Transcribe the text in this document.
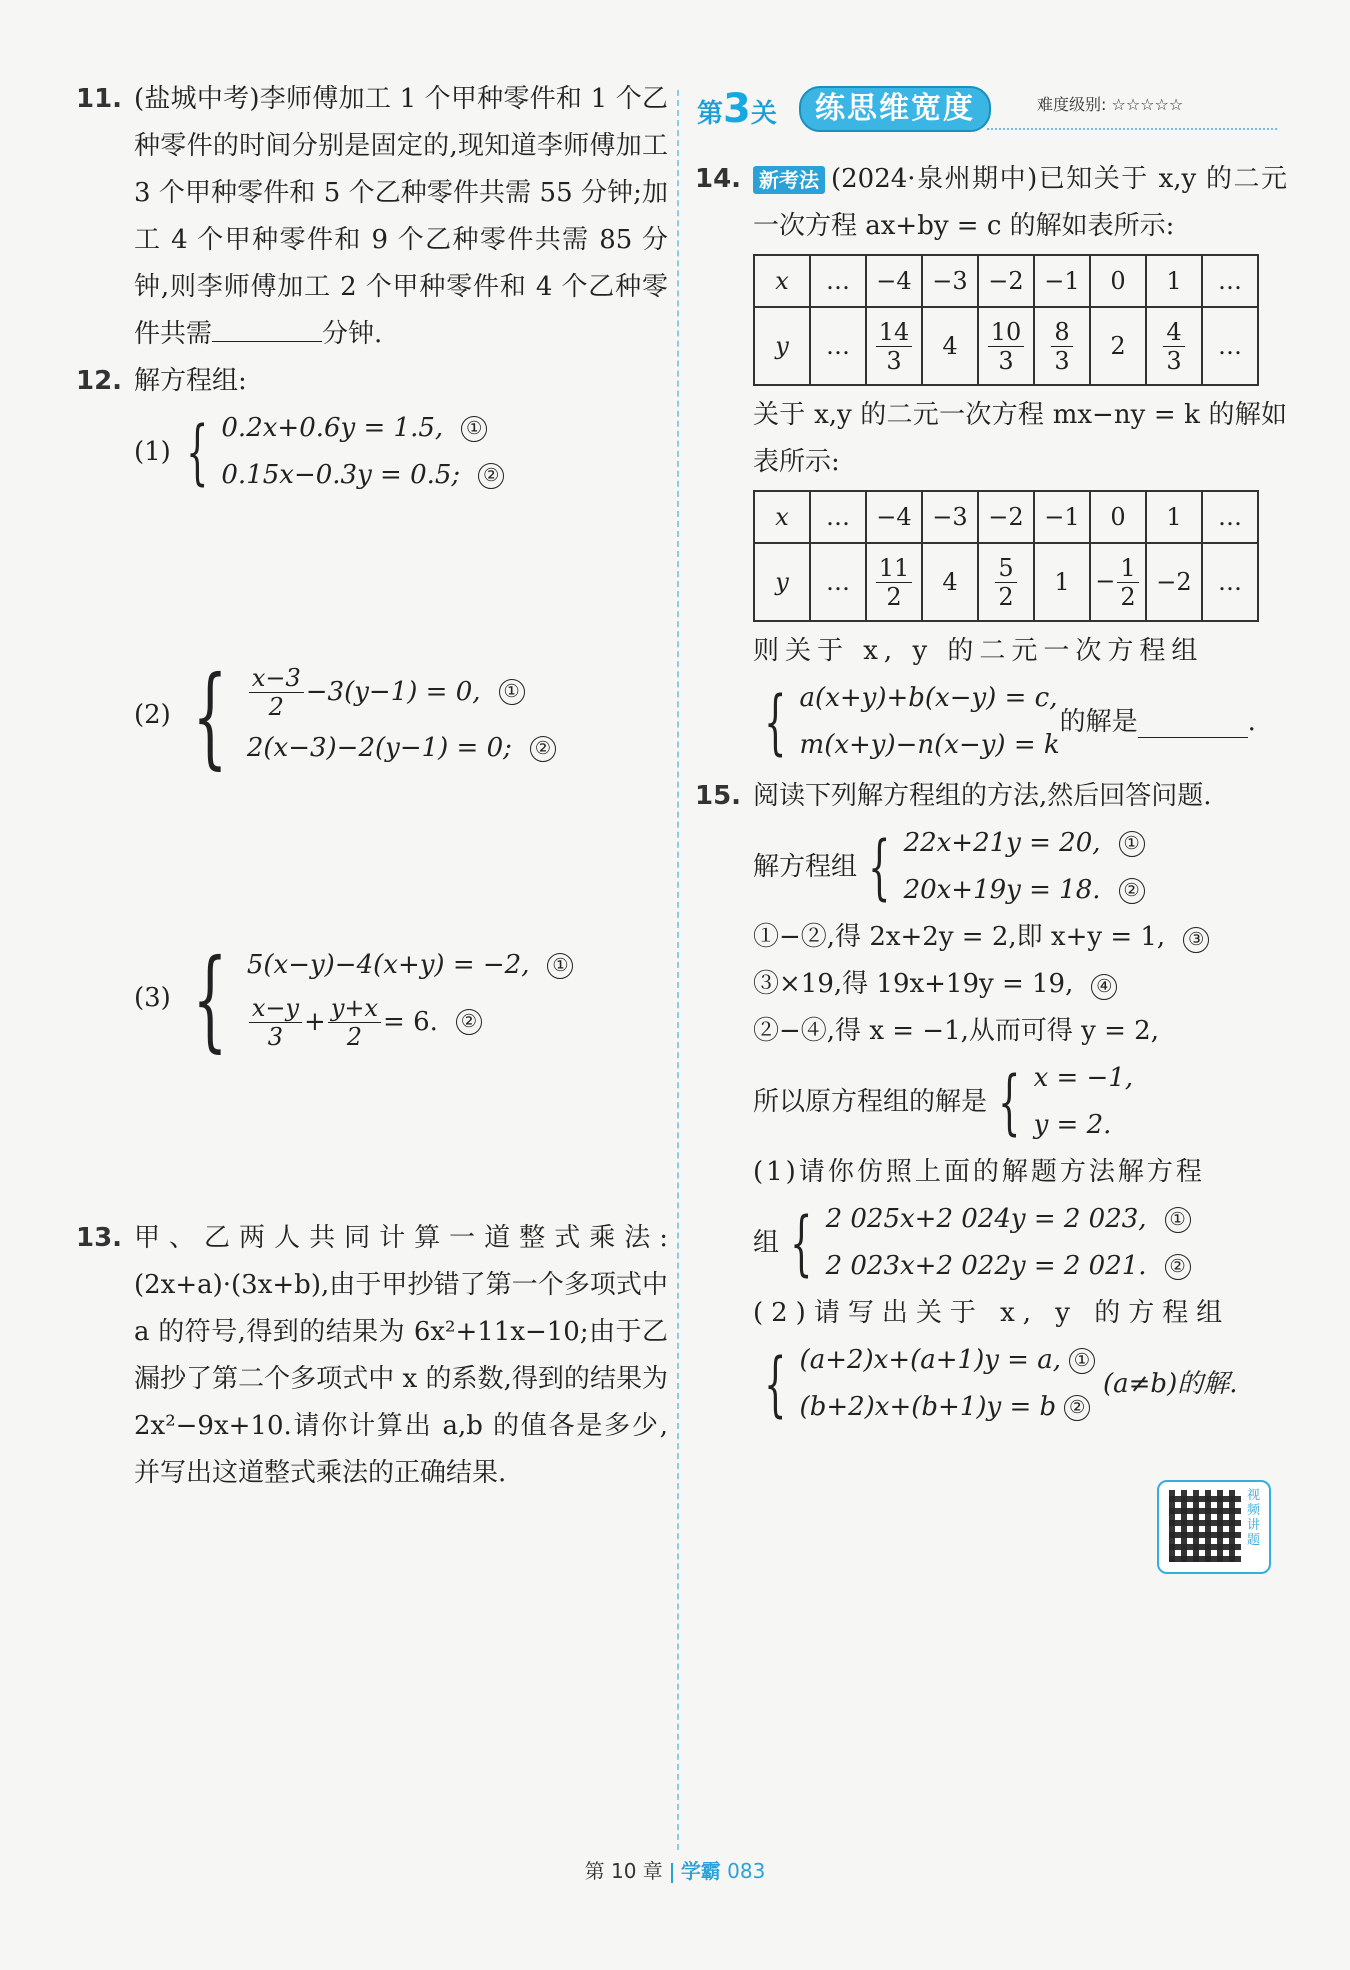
11. (盐城中考)李师傅加工 1 个甲种零件和 1 个乙种零件的时间分别是固定的,现知道李师傅加工 3 个甲种零件和 5 个乙种零件共需 55 分钟;加工 4 个甲种零件和 9 个乙种零件共需 85 分钟,则李师傅加工 2 个甲种零件和 4 个乙种零件共需	分钟.

12. 解方程组:

(1) { 0.2x+0.6y = 1.5, ①
0.15x−0.3y = 0.5; ②
(2) { $\frac{x-3}{2} -3(y-1) = 0$, ①
2(x−3)−2(y−1) = 0; ②
(3) { 5(x−y)−4(x+y) = −2, ①
$\frac{x-y}{3} + \frac{y+x}{2} = 6$. ②
13. 甲、乙两人共同计算一道整式乘法:(2x+a)·(3x+b),由于甲抄错了第一个多项式中 a 的符号,得到的结果为 6x²+11x−10;由于乙漏抄了第二个多项式中 x 的系数,得到的结果为 2x²−9x+10.请你计算出 a,b 的值各是多少,并写出这道整式乘法的正确结果.

第3关	练思维宽度	难度级别: ☆☆☆☆☆
14. 新考法 (2024·泉州期中)已知关于 x,y 的二元一次方程 ax+by = c 的解如表所示:

x	…	−4	−3	−2	−1	0	1	…
y	…	$\frac{14}{3}$	4	$\frac{10}{3}$	$\frac{8}{3}$	2	$\frac{4}{3}$	…

关于 x,y 的二元一次方程 mx−ny = k 的解如表所示:

x	…	−4	−3	−2	−1	0	1	…
y	…	$\frac{11}{2}$	4	$\frac{5}{2}$	1	− $\frac{1}{2}$	−2	…

则关于 x, y 的二元一次方程组

{ a(x+y)+b(x−y) = c,
m(x+y)−n(x−y) = k
的解是	.
15. 阅读下列解方程组的方法,然后回答问题.

解方程组 { 22x+21y = 20, ①
20x+19y = 18. ②

①−②,得 2x+2y = 2,即 x+y = 1, ③

③×19,得 19x+19y = 19, ④

②−④,得 x = −1,从而可得 y = 2,

所以原方程组的解是 { x = −1,
y = 2.

(1)请你仿照上面的解题方法解方程

组 { 2 025x+2 024y = 2 023, ①
2 023x+2 022y = 2 021. ②

(2)请写出关于 x, y 的方程组

{ (a+2)x+(a+1)y = a, ①
(b+2)x+(b+1)y = b ②
(a≠b)的解.
视频讲题
第 10 章 学霸 083
